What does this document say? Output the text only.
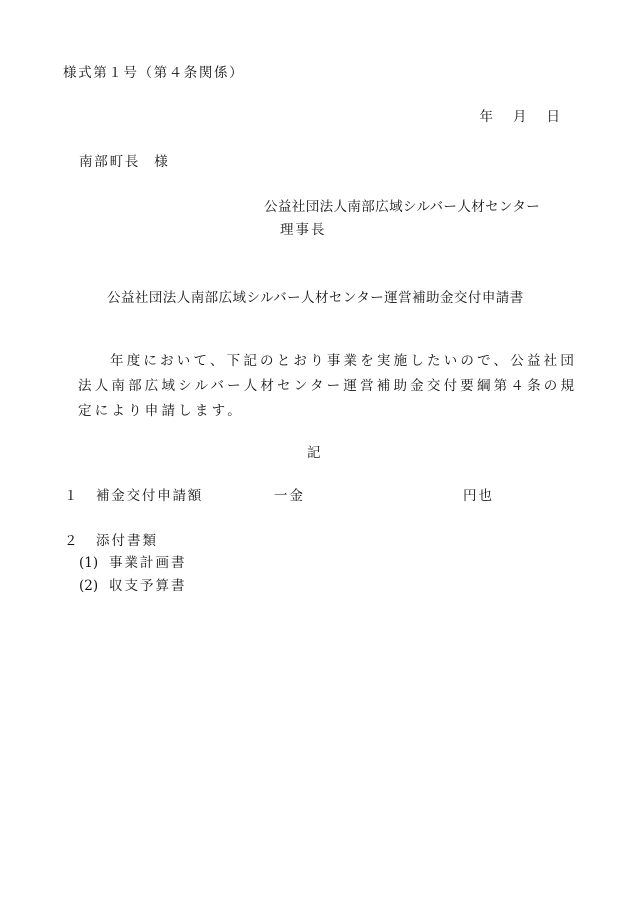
様式第１号（第４条関係）
年 月 日
南部町長 様
公益社団法人南部広域シルバー人材センター
理事長
公益社団法人南部広域シルバー人材センター運営補助金交付申請書
年度において、下記のとおり事業を実施したいので、公益社団
法人南部広域シルバー人材センター運営補助金交付要綱第４条の規
定により申請します。
記
１ 補金交付申請額	一金	円也
２ 添付書類
(1) 事業計画書
(2) 収支予算書
